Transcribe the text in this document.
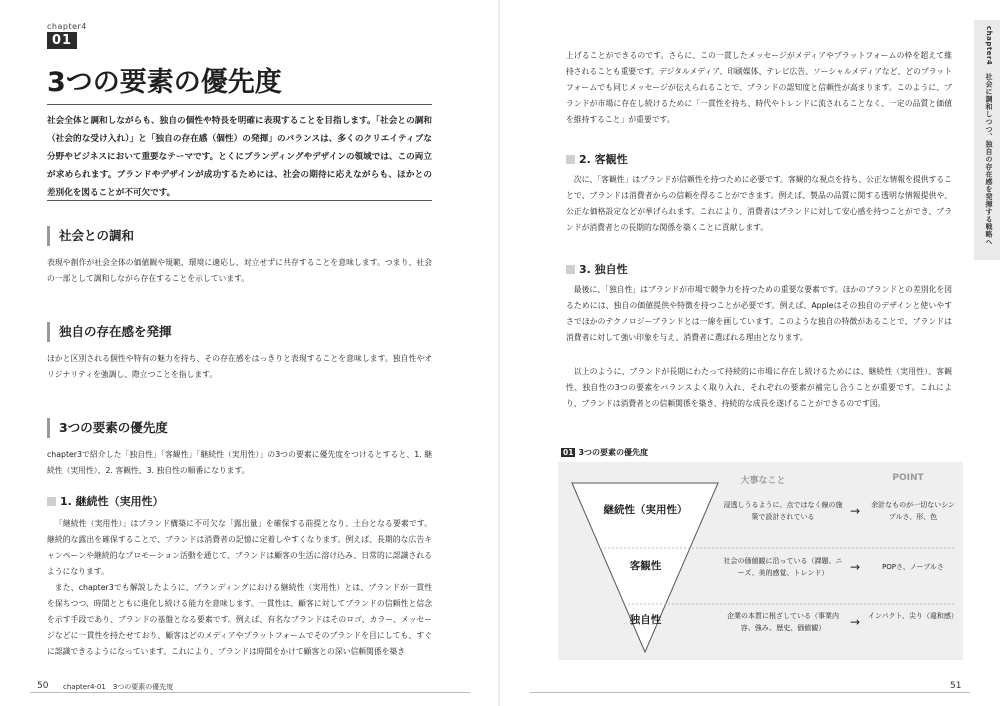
chapter4
01
3つの要素の優先度

社会全体と調和しながらも、独自の個性や特長を明確に表現することを目指します。「社会との調和（社会的な受け入れ）」と「独自の存在感（個性）の発揮」のバランスは、多くのクリエイティブな分野やビジネスにおいて重要なテーマです。とくにブランディングやデザインの領域では、この両立が求められます。ブランドやデザインが成功するためには、社会の期待に応えながらも、ほかとの差別化を図ることが不可欠です。

社会との調和

表現や創作が社会全体の価値観や規範、環境に適応し、対立せずに共存することを意味します。つまり、社会の一部として調和しながら存在することを示しています。

独自の存在感を発揮

ほかと区別される個性や特有の魅力を持ち、その存在感をはっきりと表現することを意味します。独自性やオリジナリティを強調し、際立つことを指します。

3つの要素の優先度

chapter3で紹介した「独自性」「客観性」「継続性（実用性）」の3つの要素に優先度をつけるとすると、1. 継続性（実用性）、2. 客観性、3. 独自性の順番になります。

1. 継続性（実用性）

「継続性（実用性）」はブランド構築に不可欠な「露出量」を確保する前提となり、土台となる要素です。継続的な露出を確保することで、ブランドは消費者の記憶に定着しやすくなります。例えば、長期的な広告キャンペーンや継続的なプロモーション活動を通じて、ブランドは顧客の生活に溶け込み、日常的に認識されるようになります。

また、chapter3でも解説したように、ブランディングにおける継続性（実用性）とは、ブランドが一貫性を保ちつつ、時間とともに進化し続ける能力を意味します。一貫性は、顧客に対してブランドの信頼性と信念を示す手段であり、ブランドの基盤となる要素です。例えば、有名なブランドはそのロゴ、カラー、メッセージなどに一貫性を持たせており、顧客はどのメディアやプラットフォームでそのブランドを目にしても、すぐに認識できるようになっています。これにより、ブランドは時間をかけて顧客との深い信頼関係を築き

50 chapter4-01　3つの要素の優先度

上げることができるのです。さらに、この一貫したメッセージがメディアやプラットフォームの枠を超えて維持されることも重要です。デジタルメディア、印刷媒体、テレビ広告、ソーシャルメディアなど、どのプラットフォームでも同じメッセージが伝えられることで、ブランドの認知度と信頼性が高まります。このように、ブランドが市場に存在し続けるために「一貫性を持ち、時代やトレンドに流されることなく、一定の品質と価値を維持すること」が重要です。

2. 客観性

次に、「客観性」はブランドが信頼性を持つために必要です。客観的な視点を持ち、公正な情報を提供することで、ブランドは消費者からの信頼を得ることができます。例えば、製品の品質に関する透明な情報提供や、公正な価格設定などが挙げられます。これにより、消費者はブランドに対して安心感を持つことができ、ブランドが消費者との長期的な関係を築くことに貢献します。

3. 独自性

最後に、「独自性」はブランドが市場で競争力を持つための重要な要素です。ほかのブランドとの差別化を図るためには、独自の価値提供や特徴を持つことが必要です。例えば、Appleはその独自のデザインと使いやすさでほかのテクノロジーブランドとは一線を画しています。このような独自の特徴があることで、ブランドは消費者に対して強い印象を与え、消費者に選ばれる理由となります。

以上のように、ブランドが長期にわたって持続的に市場に存在し続けるためには、継続性（実用性）、客観性、独自性の3つの要素をバランスよく取り入れ、それぞれの要素が補完し合うことが重要です。これにより、ブランドは消費者との信頼関係を築き、持続的な成長を遂げることができるのです図。

01 3つの要素の優先度
大事なこと	POINT
継続性（実用性）
客観性
独自性
浸透しうるように、点ではなく線の施策で設計されている
社会の価値観に沿っている（課題、ニーズ、美的感覚、トレンド）
企業の本質に根ざしている（事業内容、強み、歴史、価値観）
→
→
→
余計なものが一切ないシンプルさ、形、色
POPさ、ノーブルさ
インパクト、尖り（違和感）
chapter4　社会に調和しつつ、独自の存在感を発揮する戦略へ
51
